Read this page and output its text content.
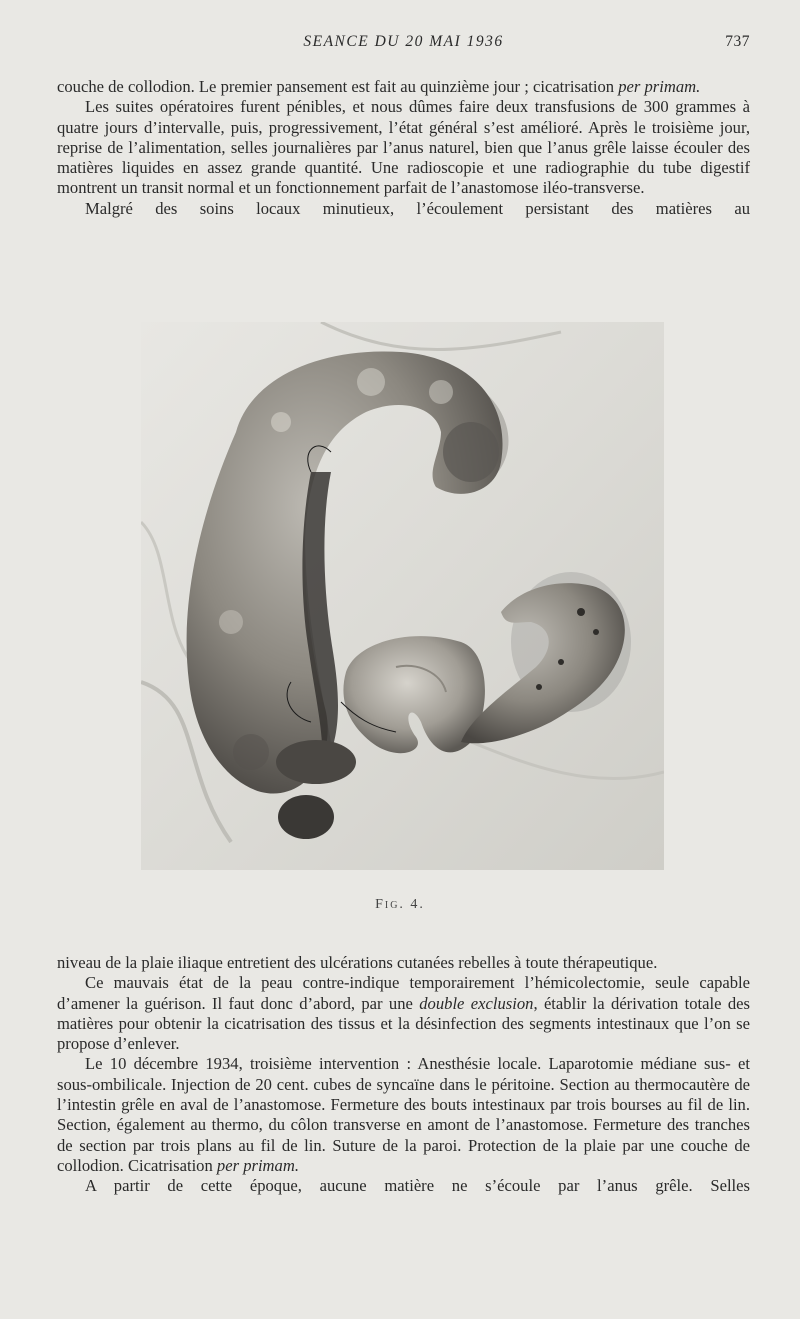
SEANCE DU 20 MAI 1936	737

couche de collodion. Le premier pansement est fait au quinzième jour ; cicatrisation per primam.

Les suites opératoires furent pénibles, et nous dûmes faire deux transfusions de 300 grammes à quatre jours d’intervalle, puis, progressivement, l’état général s’est amélioré. Après le troisième jour, reprise de l’alimentation, selles journalières par l’anus naturel, bien que l’anus grêle laisse écouler des matières liquides en assez grande quantité. Une radioscopie et une radiographie du tube digestif montrent un transit normal et un fonctionnement parfait de l’anastomose iléo-transverse.

Malgré des soins locaux minutieux, l’écoulement persistant des matières au

Fig. 4.

niveau de la plaie iliaque entretient des ulcérations cutanées rebelles à toute thérapeutique.

Ce mauvais état de la peau contre-indique temporairement l’hémicolectomie, seule capable d’amener la guérison. Il faut donc d’abord, par une double exclusion, établir la dérivation totale des matières pour obtenir la cicatrisation des tissus et la désinfection des segments intestinaux que l’on se propose d’enlever.

Le 10 décembre 1934, troisième intervention : Anesthésie locale. Laparotomie médiane sus- et sous-ombilicale. Injection de 20 cent. cubes de syncaïne dans le péritoine. Section au thermocautère de l’intestin grêle en aval de l’anastomose. Fermeture des bouts intestinaux par trois bourses au fil de lin. Section, également au thermo, du côlon transverse en amont de l’anastomose. Fermeture des tranches de section par trois plans au fil de lin. Suture de la paroi. Protection de la plaie par une couche de collodion. Cicatrisation per primam.

A partir de cette époque, aucune matière ne s’écoule par l’anus grêle. Selles
